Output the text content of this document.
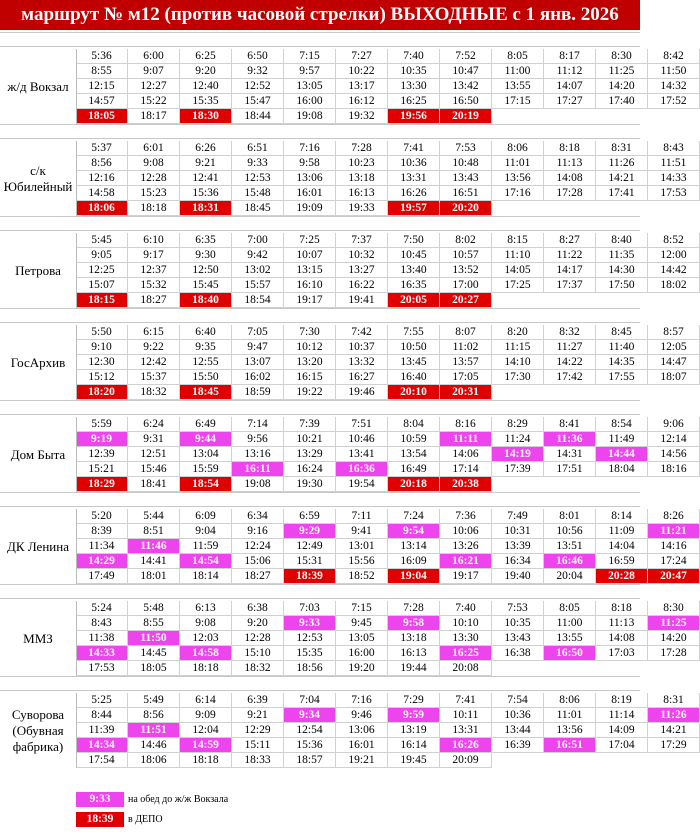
маршрут № м12 (против часовой стрелки) ВЫХОДНЫЕ с 1 янв. 2026
5:36	6:00	6:25	6:50	7:15	7:27	7:40	7:52	8:05	8:17	8:30	8:42
8:55	9:07	9:20	9:32	9:57	10:22	10:35	10:47	11:00	11:12	11:25	11:50
12:15	12:27	12:40	12:52	13:05	13:17	13:30	13:42	13:55	14:07	14:20	14:32
14:57	15:22	15:35	15:47	16:00	16:12	16:25	16:50	17:15	17:27	17:40	17:52
18:05	18:17	18:30	18:44	19:08	19:32	19:56	20:19
ж/д Вокзал
5:37	6:01	6:26	6:51	7:16	7:28	7:41	7:53	8:06	8:18	8:31	8:43
8:56	9:08	9:21	9:33	9:58	10:23	10:36	10:48	11:01	11:13	11:26	11:51
12:16	12:28	12:41	12:53	13:06	13:18	13:31	13:43	13:56	14:08	14:21	14:33
14:58	15:23	15:36	15:48	16:01	16:13	16:26	16:51	17:16	17:28	17:41	17:53
18:06	18:18	18:31	18:45	19:09	19:33	19:57	20:20
с/к
Юбилейный
5:45	6:10	6:35	7:00	7:25	7:37	7:50	8:02	8:15	8:27	8:40	8:52
9:05	9:17	9:30	9:42	10:07	10:32	10:45	10:57	11:10	11:22	11:35	12:00
12:25	12:37	12:50	13:02	13:15	13:27	13:40	13:52	14:05	14:17	14:30	14:42
15:07	15:32	15:45	15:57	16:10	16:22	16:35	17:00	17:25	17:37	17:50	18:02
18:15	18:27	18:40	18:54	19:17	19:41	20:05	20:27
Петрова
5:50	6:15	6:40	7:05	7:30	7:42	7:55	8:07	8:20	8:32	8:45	8:57
9:10	9:22	9:35	9:47	10:12	10:37	10:50	11:02	11:15	11:27	11:40	12:05
12:30	12:42	12:55	13:07	13:20	13:32	13:45	13:57	14:10	14:22	14:35	14:47
15:12	15:37	15:50	16:02	16:15	16:27	16:40	17:05	17:30	17:42	17:55	18:07
18:20	18:32	18:45	18:59	19:22	19:46	20:10	20:31
ГосАрхив
5:59	6:24	6:49	7:14	7:39	7:51	8:04	8:16	8:29	8:41	8:54	9:06
9:19	9:31	9:44	9:56	10:21	10:46	10:59	11:11	11:24	11:36	11:49	12:14
12:39	12:51	13:04	13:16	13:29	13:41	13:54	14:06	14:19	14:31	14:44	14:56
15:21	15:46	15:59	16:11	16:24	16:36	16:49	17:14	17:39	17:51	18:04	18:16
18:29	18:41	18:54	19:08	19:30	19:54	20:18	20:38
Дом Быта
5:20	5:44	6:09	6:34	6:59	7:11	7:24	7:36	7:49	8:01	8:14	8:26
8:39	8:51	9:04	9:16	9:29	9:41	9:54	10:06	10:31	10:56	11:09	11:21
11:34	11:46	11:59	12:24	12:49	13:01	13:14	13:26	13:39	13:51	14:04	14:16
14:29	14:41	14:54	15:06	15:31	15:56	16:09	16:21	16:34	16:46	16:59	17:24
17:49	18:01	18:14	18:27	18:39	18:52	19:04	19:17	19:40	20:04	20:28	20:47
ДК Ленина
5:24	5:48	6:13	6:38	7:03	7:15	7:28	7:40	7:53	8:05	8:18	8:30
8:43	8:55	9:08	9:20	9:33	9:45	9:58	10:10	10:35	11:00	11:13	11:25
11:38	11:50	12:03	12:28	12:53	13:05	13:18	13:30	13:43	13:55	14:08	14:20
14:33	14:45	14:58	15:10	15:35	16:00	16:13	16:25	16:38	16:50	17:03	17:28
17:53	18:05	18:18	18:32	18:56	19:20	19:44	20:08
ММЗ
5:25	5:49	6:14	6:39	7:04	7:16	7:29	7:41	7:54	8:06	8:19	8:31
8:44	8:56	9:09	9:21	9:34	9:46	9:59	10:11	10:36	11:01	11:14	11:26
11:39	11:51	12:04	12:29	12:54	13:06	13:19	13:31	13:44	13:56	14:09	14:21
14:34	14:46	14:59	15:11	15:36	16:01	16:14	16:26	16:39	16:51	17:04	17:29
17:54	18:06	18:18	18:33	18:57	19:21	19:45	20:09
Суворова
(Обувная
фабрика)
9:33	на обед до ж/ж Вокзала
18:39	в ДЕПО
